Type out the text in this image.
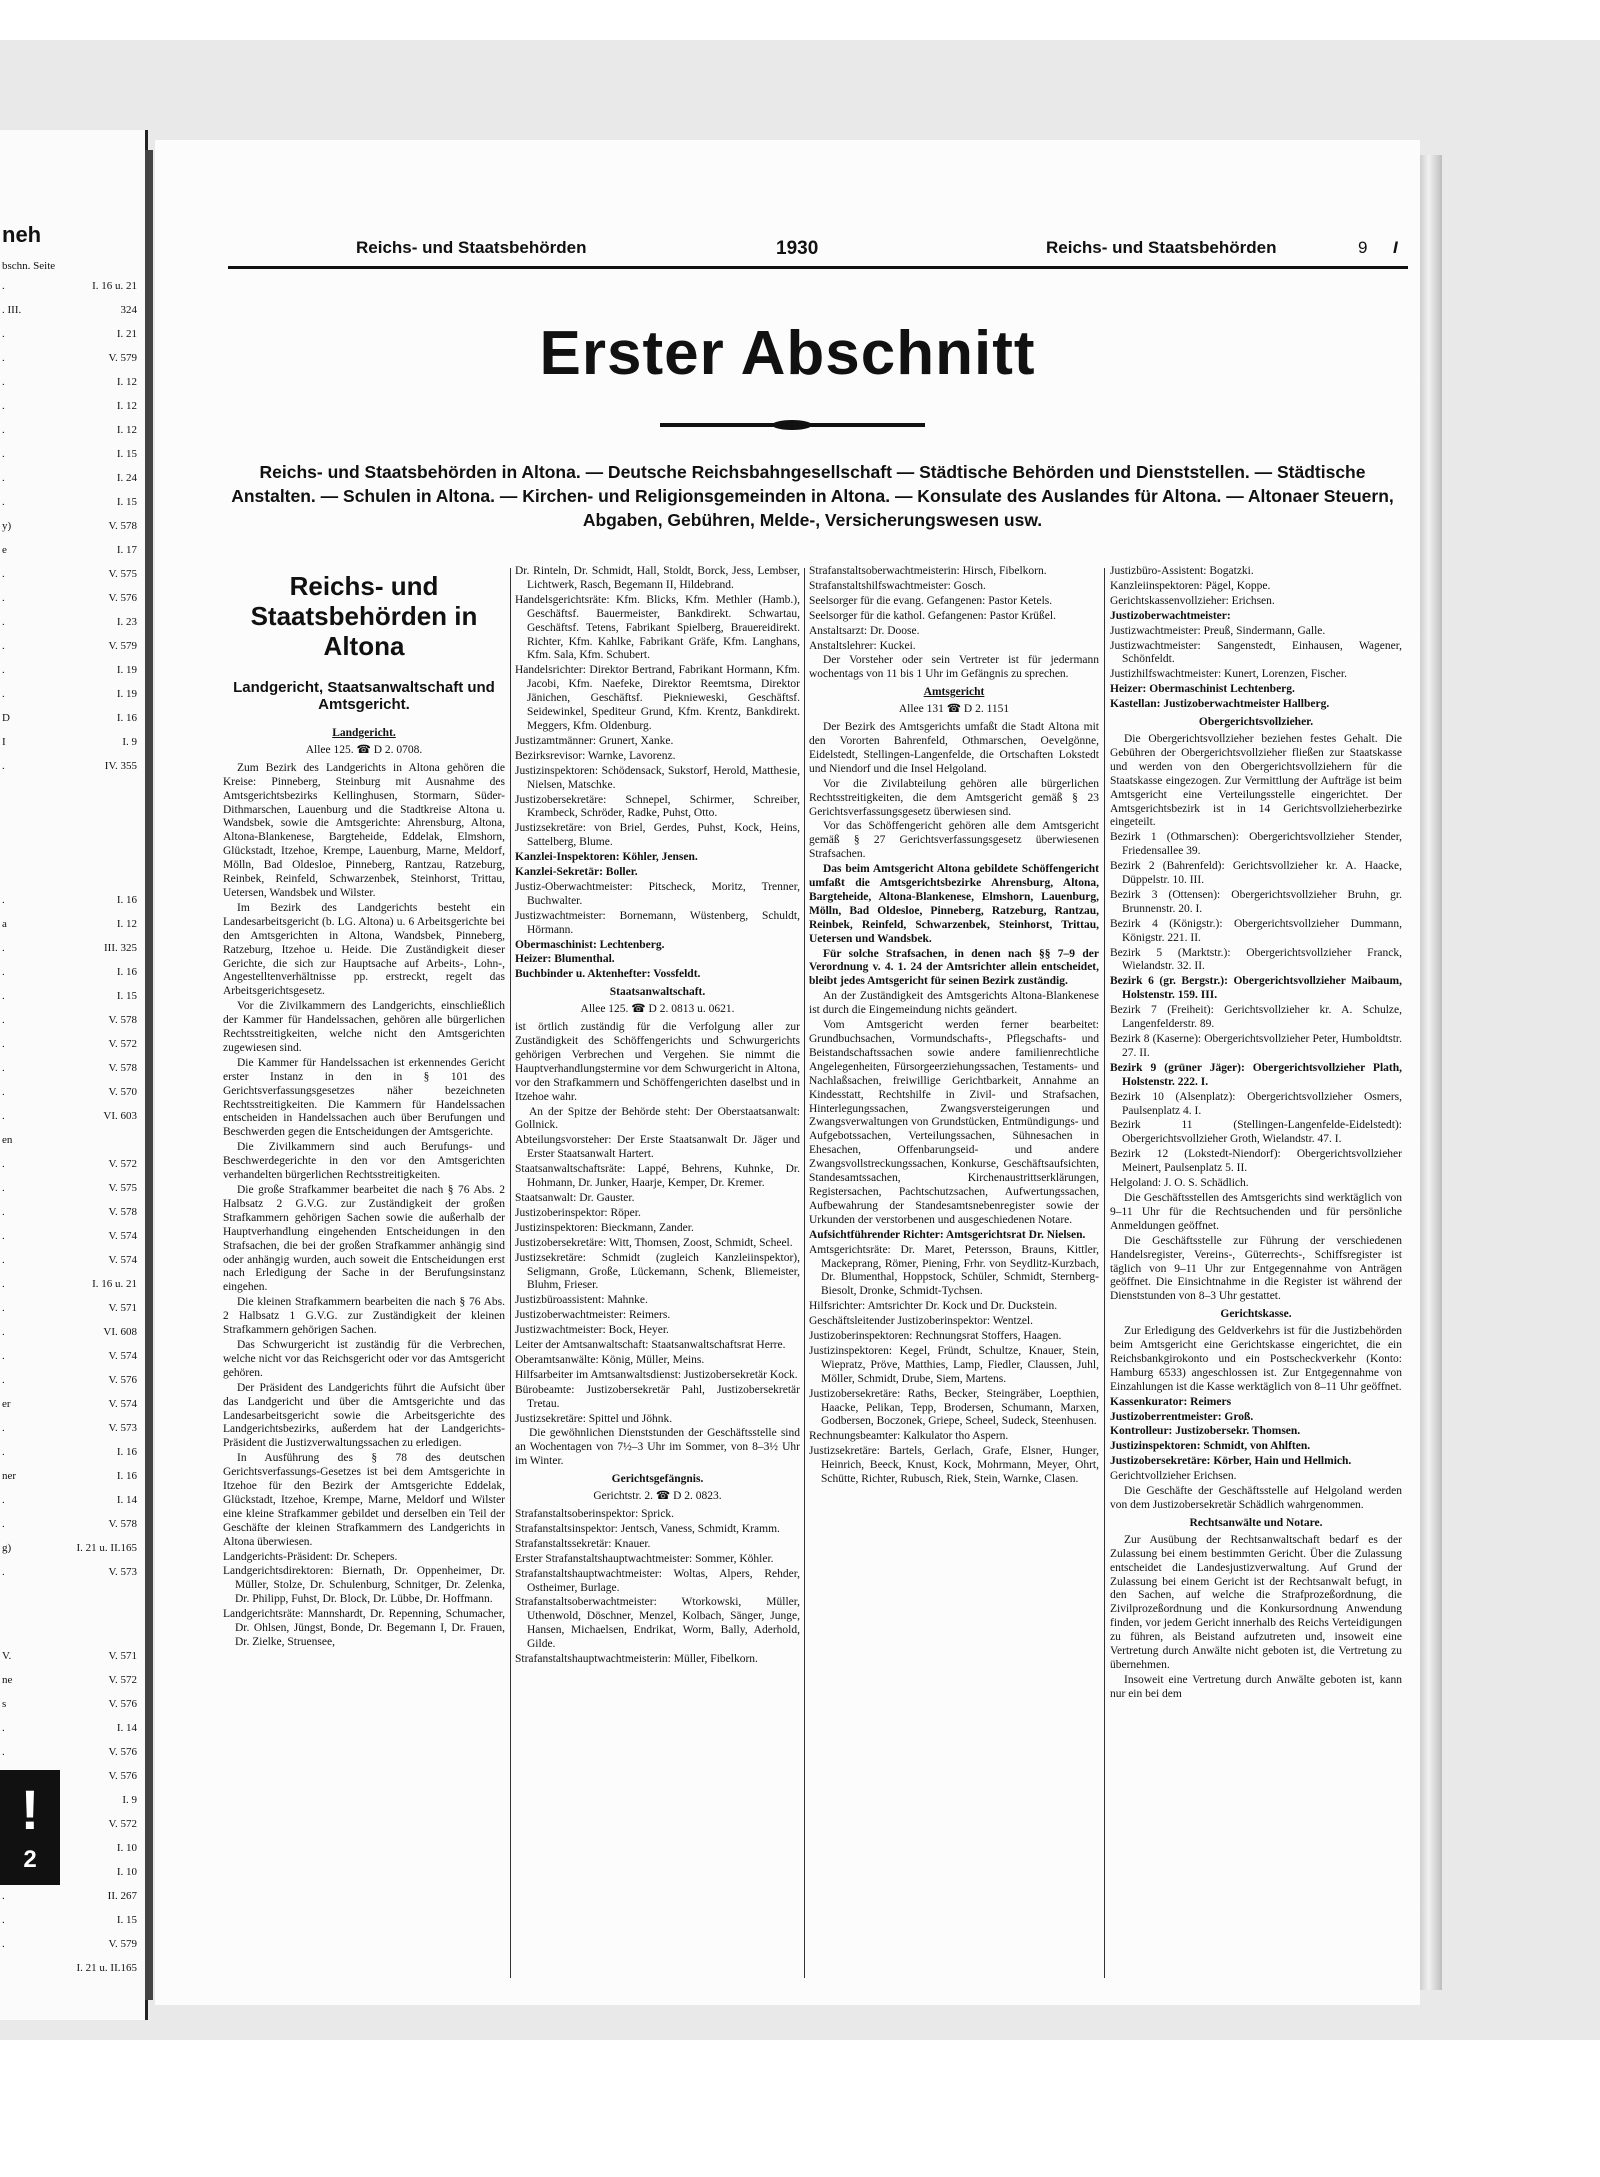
neh
bschn. Seite
.	I. 16 u. 21
. III.	324
.	I. 21
.	V. 579
.	I. 12
.	I. 12
.	I. 12
.	I. 15
.	I. 24
.	I. 15
y)	V. 578
e	I. 17
.	V. 575
.	V. 576
.	I. 23
.	V. 579
.	I. 19
.	I. 19
D	I. 16
I	I. 9
.	IV. 355
.	I. 16
a	I. 12
.	III. 325
.	I. 16
.	I. 15
.	V. 578
.	V. 572
.	V. 578
.	V. 570
.	VI. 603
en
.	V. 572
.	V. 575
.	V. 578
.	V. 574
.	V. 574
.	I. 16 u. 21
.	V. 571
.	VI. 608
.	V. 574
.	V. 576
er	V. 574
.	V. 573
.	I. 16
ner	I. 16
.	I. 14
.	V. 578
g)	I. 21 u. II.165
.	V. 573
V.	V. 571
ne	V. 572
s	V. 576
.	I. 14
.	V. 576
V. 576
I. 9
V. 572
I. 10
I. 10
.	II. 267
.	I. 15
.	V. 579
I. 21 u. II.165
!
2
Reichs- und Staatsbehörden	1930	Reichs- und Staatsbehörden	9 I
Erster Abschnitt
Reichs- und Staatsbehörden in Altona. — Deutsche Reichsbahngesellschaft — Städtische Behörden und Dienststellen. — Städtische Anstalten. — Schulen in Altona. — Kirchen- und Religionsgemeinden in Altona. — Konsulate des Auslandes für Altona. — Altonaer Steuern, Abgaben, Gebühren, Melde-, Versicherungswesen usw.
Reichs- und Staatsbehörden in Altona
Landgericht, Staatsanwaltschaft und Amtsgericht.
Landgericht.
Allee 125. ☎ D 2. 0708.

Zum Bezirk des Landgerichts in Altona gehören die Kreise: Pinneberg, Steinburg mit Ausnahme des Amtsgerichtsbezirks Kellinghusen, Stormarn, Süder-Dithmarschen, Lauenburg und die Stadtkreise Altona u. Wandsbek, sowie die Amtsgerichte: Ahrensburg, Altona, Altona-Blankenese, Bargteheide, Eddelak, Elmshorn, Glückstadt, Itzehoe, Krempe, Lauenburg, Marne, Meldorf, Mölln, Bad Oldesloe, Pinneberg, Rantzau, Ratzeburg, Reinbek, Reinfeld, Schwarzenbek, Steinhorst, Trittau, Uetersen, Wandsbek und Wilster.

Im Bezirk des Landgerichts besteht ein Landesarbeitsgericht (b. LG. Altona) u. 6 Arbeitsgerichte bei den Amtsgerichten in Altona, Wandsbek, Pinneberg, Ratzeburg, Itzehoe u. Heide. Die Zuständigkeit dieser Gerichte, die sich zur Hauptsache auf Arbeits-, Lohn-, Angestelltenverhältnisse pp. erstreckt, regelt das Arbeitsgerichtsgesetz.

Vor die Zivilkammern des Landgerichts, einschließlich der Kammer für Handelssachen, gehören alle bürgerlichen Rechtsstreitigkeiten, welche nicht den Amtsgerichten zugewiesen sind.

Die Kammer für Handelssachen ist erkennendes Gericht erster Instanz in den in § 101 des Gerichtsverfassungsgesetzes näher bezeichneten Rechtsstreitigkeiten. Die Kammern für Handelssachen entscheiden in Handelssachen auch über Berufungen und Beschwerden gegen die Entscheidungen der Amtsgerichte.

Die Zivilkammern sind auch Berufungs- und Beschwerdegerichte in den vor den Amtsgerichten verhandelten bürgerlichen Rechtsstreitigkeiten.

Die große Strafkammer bearbeitet die nach § 76 Abs. 2 Halbsatz 2 G.V.G. zur Zuständigkeit der großen Strafkammern gehörigen Sachen sowie die außerhalb der Hauptverhandlung eingehenden Entscheidungen in den Strafsachen, die bei der großen Strafkammer anhängig sind oder anhängig wurden, auch soweit die Entscheidungen erst nach Erledigung der Sache in der Berufungsinstanz eingehen.

Die kleinen Strafkammern bearbeiten die nach § 76 Abs. 2 Halbsatz 1 G.V.G. zur Zuständigkeit der kleinen Strafkammern gehörigen Sachen.

Das Schwurgericht ist zuständig für die Verbrechen, welche nicht vor das Reichsgericht oder vor das Amtsgericht gehören.

Der Präsident des Landgerichts führt die Aufsicht über das Landgericht und über die Amtsgerichte und das Landesarbeitsgericht sowie die Arbeitsgerichte des Landgerichtsbezirks, außerdem hat der Landgerichts-Präsident die Justizverwaltungssachen zu erledigen.

In Ausführung des § 78 des deutschen Gerichtsverfassungs-Gesetzes ist bei dem Amtsgerichte in Itzehoe für den Bezirk der Amtsgerichte Eddelak, Glückstadt, Itzehoe, Krempe, Marne, Meldorf und Wilster eine kleine Strafkammer gebildet und derselben ein Teil der Geschäfte der kleinen Strafkammern des Landgerichts in Altona überwiesen.

Landgerichts-Präsident: Dr. Schepers.

Landgerichtsdirektoren: Biernath, Dr. Oppenheimer, Dr. Müller, Stolze, Dr. Schulenburg, Schnitger, Dr. Zelenka, Dr. Philipp, Fuhst, Dr. Block, Dr. Lübbe, Dr. Hoffmann.

Landgerichtsräte: Mannshardt, Dr. Repenning, Schumacher, Dr. Ohlsen, Jüngst, Bonde, Dr. Begemann I, Dr. Frauen, Dr. Zielke, Struensee,

Dr. Rinteln, Dr. Schmidt, Hall, Stoldt, Borck, Jess, Lembser, Lichtwerk, Rasch, Begemann II, Hildebrand.

Handelsgerichtsräte: Kfm. Blicks, Kfm. Methler (Hamb.), Geschäftsf. Bauermeister, Bankdirekt. Schwartau, Geschäftsf. Tetens, Fabrikant Spielberg, Brauereidirekt. Richter, Kfm. Kahlke, Fabrikant Gräfe, Kfm. Langhans, Kfm. Sala, Kfm. Schubert.

Handelsrichter: Direktor Bertrand, Fabrikant Hormann, Kfm. Jacobi, Kfm. Naefeke, Direktor Reemtsma, Direktor Jänichen, Geschäftsf. Pieknieweski, Geschäftsf. Seidewinkel, Spediteur Grund, Kfm. Krentz, Bankdirekt. Meggers, Kfm. Oldenburg.

Justizamtmänner: Grunert, Xanke.

Bezirksrevisor: Warnke, Lavorenz.

Justizinspektoren: Schödensack, Sukstorf, Herold, Matthesie, Nielsen, Matschke.

Justizobersekretäre: Schnepel, Schirmer, Schreiber, Krambeck, Schröder, Radke, Puhst, Otto.

Justizsekretäre: von Briel, Gerdes, Puhst, Kock, Heins, Sattelberg, Blume.

Kanzlei-Inspektoren: Köhler, Jensen.

Kanzlei-Sekretär: Boller.

Justiz-Oberwachtmeister: Pitscheck, Moritz, Trenner, Buchwalter.

Justizwachtmeister: Bornemann, Wüstenberg, Schuldt, Hörmann.

Obermaschinist: Lechtenberg.

Heizer: Blumenthal.

Buchbinder u. Aktenhefter: Vossfeldt.

Staatsanwaltschaft.
Allee 125. ☎ D 2. 0813 u. 0621.

ist örtlich zuständig für die Verfolgung aller zur Zuständigkeit des Schöffengerichts und Schwurgerichts gehörigen Verbrechen und Vergehen. Sie nimmt die Hauptverhandlungstermine vor dem Schwurgericht in Altona, vor den Strafkammern und Schöffengerichten daselbst und in Itzehoe wahr.

An der Spitze der Behörde steht: Der Oberstaatsanwalt: Gollnick.

Abteilungsvorsteher: Der Erste Staatsanwalt Dr. Jäger und Erster Staatsanwalt Hartert.

Staatsanwaltschaftsräte: Lappé, Behrens, Kuhnke, Dr. Hohmann, Dr. Junker, Haarje, Kemper, Dr. Kremer.

Staatsanwalt: Dr. Gauster.

Justizoberinspektor: Röper.

Justizinspektoren: Bieckmann, Zander.

Justizobersekretäre: Witt, Thomsen, Zoost, Schmidt, Scheel.

Justizsekretäre: Schmidt (zugleich Kanzleiinspektor), Seligmann, Große, Lückemann, Schenk, Bliemeister, Bluhm, Frieser.

Justizbüroassistent: Mahnke.

Justizoberwachtmeister: Reimers.

Justizwachtmeister: Bock, Heyer.

Leiter der Amtsanwaltschaft: Staatsanwaltschaftsrat Herre.

Oberamtsanwälte: König, Müller, Meins.

Hilfsarbeiter im Amtsanwaltsdienst: Justizobersekretär Kock.

Bürobeamte: Justizobersekretär Pahl, Justizobersekretär Tretau.

Justizsekretäre: Spittel und Jöhnk.

Die gewöhnlichen Dienststunden der Geschäftsstelle sind an Wochentagen von 7½–3 Uhr im Sommer, von 8–3½ Uhr im Winter.

Gerichtsgefängnis.
Gerichtstr. 2. ☎ D 2. 0823.

Strafanstaltsoberinspektor: Sprick.

Strafanstaltsinspektor: Jentsch, Vaness, Schmidt, Kramm.

Strafanstaltssekretär: Knauer.

Erster Strafanstaltshauptwachtmeister: Sommer, Köhler.

Strafanstaltshauptwachtmeister: Woltas, Alpers, Rehder, Ostheimer, Burlage.

Strafanstaltsoberwachtmeister: Wtorkowski, Müller, Uthenwold, Döschner, Menzel, Kolbach, Sänger, Junge, Hansen, Michaelsen, Endrikat, Worm, Bally, Aderhold, Gilde.

Strafanstaltshauptwachtmeisterin: Müller, Fibelkorn.

Strafanstaltsoberwachtmeisterin: Hirsch, Fibelkorn.

Strafanstaltshilfswachtmeister: Gosch.

Seelsorger für die evang. Gefangenen: Pastor Ketels.

Seelsorger für die kathol. Gefangenen: Pastor Krüßel.

Anstaltsarzt: Dr. Doose.

Anstaltslehrer: Kuckei.

Der Vorsteher oder sein Vertreter ist für jedermann wochentags von 11 bis 1 Uhr im Gefängnis zu sprechen.

Amtsgericht
Allee 131 ☎ D 2. 1151

Der Bezirk des Amtsgerichts umfaßt die Stadt Altona mit den Vororten Bahrenfeld, Othmarschen, Oevelgönne, Eidelstedt, Stellingen-Langenfelde, die Ortschaften Lokstedt und Niendorf und die Insel Helgoland.

Vor die Zivilabteilung gehören alle bürgerlichen Rechtsstreitigkeiten, die dem Amtsgericht gemäß § 23 Gerichtsverfassungsgesetz überwiesen sind.

Vor das Schöffengericht gehören alle dem Amtsgericht gemäß § 27 Gerichtsverfassungsgesetz überwiesenen Strafsachen.

Das beim Amtsgericht Altona gebildete Schöffengericht umfaßt die Amtsgerichtsbezirke Ahrensburg, Altona, Bargteheide, Altona-Blankenese, Elmshorn, Lauenburg, Mölln, Bad Oldesloe, Pinneberg, Ratzeburg, Rantzau, Reinbek, Reinfeld, Schwarzenbek, Steinhorst, Trittau, Uetersen und Wandsbek.

Für solche Strafsachen, in denen nach §§ 7–9 der Verordnung v. 4. 1. 24 der Amtsrichter allein entscheidet, bleibt jedes Amtsgericht für seinen Bezirk zuständig.

An der Zuständigkeit des Amtsgerichts Altona-Blankenese ist durch die Eingemeindung nichts geändert.

Vom Amtsgericht werden ferner bearbeitet: Grundbuchsachen, Vormundschafts-, Pflegschafts- und Beistandschaftssachen sowie andere familienrechtliche Angelegenheiten, Fürsorgeerziehungssachen, Testaments- und Nachlaßsachen, freiwillige Gerichtbarkeit, Annahme an Kindesstatt, Rechtshilfe in Zivil- und Strafsachen, Hinterlegungssachen, Zwangsversteigerungen und Zwangsverwaltungen von Grundstücken, Entmündigungs- und Aufgebotssachen, Verteilungssachen, Sühnesachen in Ehesachen, Offenbarungseid- und andere Zwangsvollstreckungssachen, Konkurse, Geschäftsaufsichten, Standesamtssachen, Kirchenaustrittserklärungen, Registersachen, Pachtschutzsachen, Aufwertungssachen, Aufbewahrung der Standesamtsnebenregister sowie der Urkunden der verstorbenen und ausgeschiedenen Notare.

Aufsichtführender Richter: Amtsgerichtsrat Dr. Nielsen.

Amtsgerichtsräte: Dr. Maret, Petersson, Brauns, Kittler, Mackeprang, Römer, Piening, Frhr. von Seydlitz-Kurzbach, Dr. Blumenthal, Hoppstock, Schüler, Schmidt, Sternberg-Biesolt, Dronke, Schmidt-Tychsen.

Hilfsrichter: Amtsrichter Dr. Kock und Dr. Duckstein.

Geschäftsleitender Justizoberinspektor: Wentzel.

Justizoberinspektoren: Rechnungsrat Stoffers, Haagen.

Justizinspektoren: Kegel, Fründt, Schultze, Knauer, Stein, Wiepratz, Pröve, Matthies, Lamp, Fiedler, Claussen, Juhl, Möller, Schmidt, Drube, Siem, Martens.

Justizobersekretäre: Raths, Becker, Steingräber, Loepthien, Haacke, Pelikan, Tepp, Brodersen, Schumann, Marxen, Godbersen, Boczonek, Griepe, Scheel, Sudeck, Steenhusen.

Rechnungsbeamter: Kalkulator tho Aspern.

Justizsekretäre: Bartels, Gerlach, Grafe, Elsner, Hunger, Heinrich, Beeck, Knust, Kock, Mohrmann, Meyer, Ohrt, Schütte, Richter, Rubusch, Riek, Stein, Warnke, Clasen.

Justizbüro-Assistent: Bogatzki.

Kanzleiinspektoren: Pägel, Koppe.

Gerichtskassenvollzieher: Erichsen.

Justizoberwachtmeister:

Justizwachtmeister: Preuß, Sindermann, Galle.

Justizwachtmeister: Sangenstedt, Einhausen, Wagener, Schönfeldt.

Justizhilfswachtmeister: Kunert, Lorenzen, Fischer.

Heizer: Obermaschinist Lechtenberg.

Kastellan: Justizoberwachtmeister Hallberg.

Obergerichtsvollzieher.

Die Obergerichtsvollzieher beziehen festes Gehalt. Die Gebühren der Obergerichtsvollzieher fließen zur Staatskasse und werden von den Obergerichtsvollziehern für die Staatskasse eingezogen. Zur Vermittlung der Aufträge ist beim Amtsgericht eine Verteilungsstelle eingerichtet. Der Amtsgerichtsbezirk ist in 14 Gerichtsvollzieherbezirke eingeteilt.

Bezirk 1 (Othmarschen): Obergerichtsvollzieher Stender, Friedensallee 39.

Bezirk 2 (Bahrenfeld): Gerichtsvollzieher kr. A. Haacke, Düppelstr. 10. III.

Bezirk 3 (Ottensen): Obergerichtsvollzieher Bruhn, gr. Brunnenstr. 20. I.

Bezirk 4 (Königstr.): Obergerichtsvollzieher Dummann, Königstr. 221. II.

Bezirk 5 (Marktstr.): Obergerichtsvollzieher Franck, Wielandstr. 32. II.

Bezirk 6 (gr. Bergstr.): Obergerichtsvollzieher Maibaum, Holstenstr. 159. III.

Bezirk 7 (Freiheit): Gerichtsvollzieher kr. A. Schulze, Langenfelderstr. 89.

Bezirk 8 (Kaserne): Obergerichtsvollzieher Peter, Humboldtstr. 27. II.

Bezirk 9 (grüner Jäger): Obergerichtsvollzieher Plath, Holstenstr. 222. I.

Bezirk 10 (Alsenplatz): Obergerichtsvollzieher Osmers, Paulsenplatz 4. I.

Bezirk 11 (Stellingen-Langenfelde-Eidelstedt): Obergerichtsvollzieher Groth, Wielandstr. 47. I.

Bezirk 12 (Lokstedt-Niendorf): Obergerichtsvollzieher Meinert, Paulsenplatz 5. II.

Helgoland: J. O. S. Schädlich.

Die Geschäftsstellen des Amtsgerichts sind werktäglich von 9–11 Uhr für die Rechtsuchenden und für persönliche Anmeldungen geöffnet.

Die Geschäftsstelle zur Führung der verschiedenen Handelsregister, Vereins-, Güterrechts-, Schiffsregister ist täglich von 9–11 Uhr zur Entgegennahme von Anträgen geöffnet. Die Einsichtnahme in die Register ist während der Dienststunden von 8–3 Uhr gestattet.

Gerichtskasse.

Zur Erledigung des Geldverkehrs ist für die Justizbehörden beim Amtsgericht eine Gerichtskasse eingerichtet, die ein Reichsbankgirokonto und ein Postscheckverkehr (Konto: Hamburg 6533) angeschlossen ist. Zur Entgegennahme von Einzahlungen ist die Kasse werktäglich von 8–11 Uhr geöffnet.

Kassenkurator: Reimers

Justizoberrentmeister: Groß.

Kontrolleur: Justizobersekr. Thomsen.

Justizinspektoren: Schmidt, von Ahlften.

Justizobersekretäre: Körber, Hain und Hellmich.

Gerichtvollzieher Erichsen.

Die Geschäfte der Geschäftsstelle auf Helgoland werden von dem Justizobersekretär Schädlich wahrgenommen.

Rechtsanwälte und Notare.

Zur Ausübung der Rechtsanwaltschaft bedarf es der Zulassung bei einem bestimmten Gericht. Über die Zulassung entscheidet die Landesjustizverwaltung. Auf Grund der Zulassung bei einem Gericht ist der Rechtsanwalt befugt, in den Sachen, auf welche die Strafprozeßordnung, die Zivilprozeßordnung und die Konkursordnung Anwendung finden, vor jedem Gericht innerhalb des Reichs Verteidigungen zu führen, als Beistand aufzutreten und, insoweit eine Vertretung durch Anwälte nicht geboten ist, die Vertretung zu übernehmen.

Insoweit eine Vertretung durch Anwälte geboten ist, kann nur ein bei dem
